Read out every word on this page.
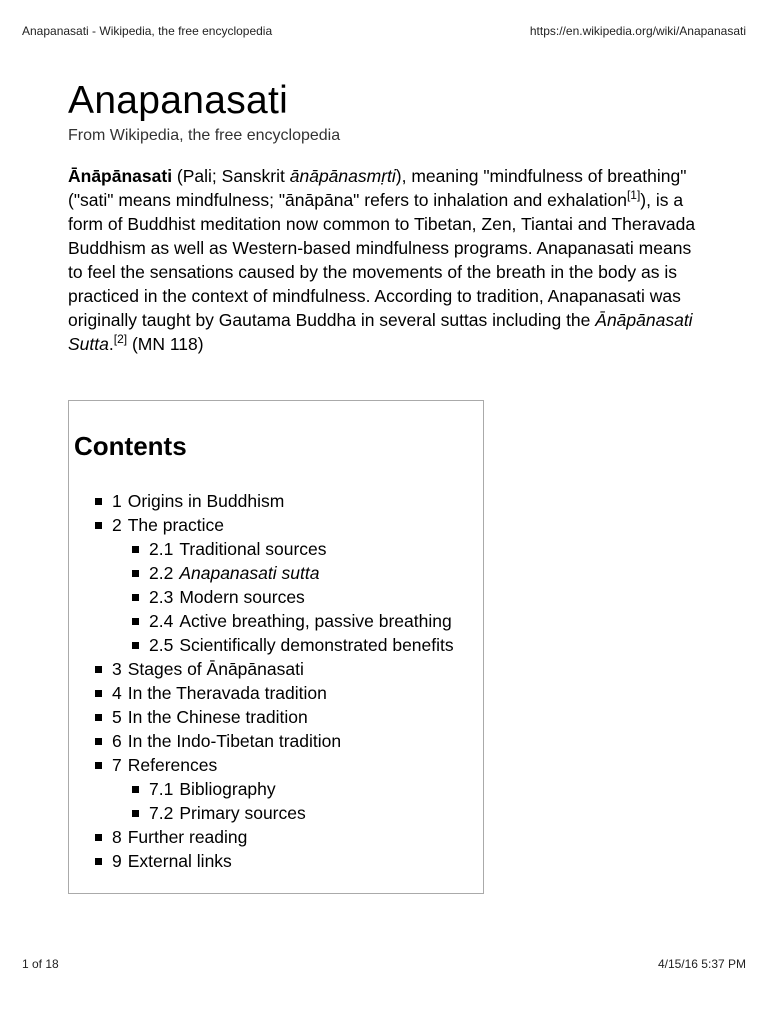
Anapanasati - Wikipedia, the free encyclopedia	https://en.wikipedia.org/wiki/Anapanasati
Anapanasati
From Wikipedia, the free encyclopedia

Ānāpānasati (Pali; Sanskrit ānāpānasmṛti), meaning "mindfulness of breathing" ("sati" means mindfulness; "ānāpāna" refers to inhalation and exhalation[1]), is a form of Buddhist meditation now common to Tibetan, Zen, Tiantai and Theravada Buddhism as well as Western-based mindfulness programs. Anapanasati means to feel the sensations caused by the movements of the breath in the body as is practiced in the context of mindfulness. According to tradition, Anapanasati was originally taught by Gautama Buddha in several suttas including the Ānāpānasati Sutta.[2] (MN 118)

Contents
1 Origins in Buddhism
2 The practice
2.1 Traditional sources
2.2 Anapanasati sutta
2.3 Modern sources
2.4 Active breathing, passive breathing
2.5 Scientifically demonstrated benefits
3 Stages of Ānāpānasati
4 In the Theravada tradition
5 In the Chinese tradition
6 In the Indo-Tibetan tradition
7 References
7.1 Bibliography
7.2 Primary sources
8 Further reading
9 External links
1 of 18	4/15/16 5:37 PM
